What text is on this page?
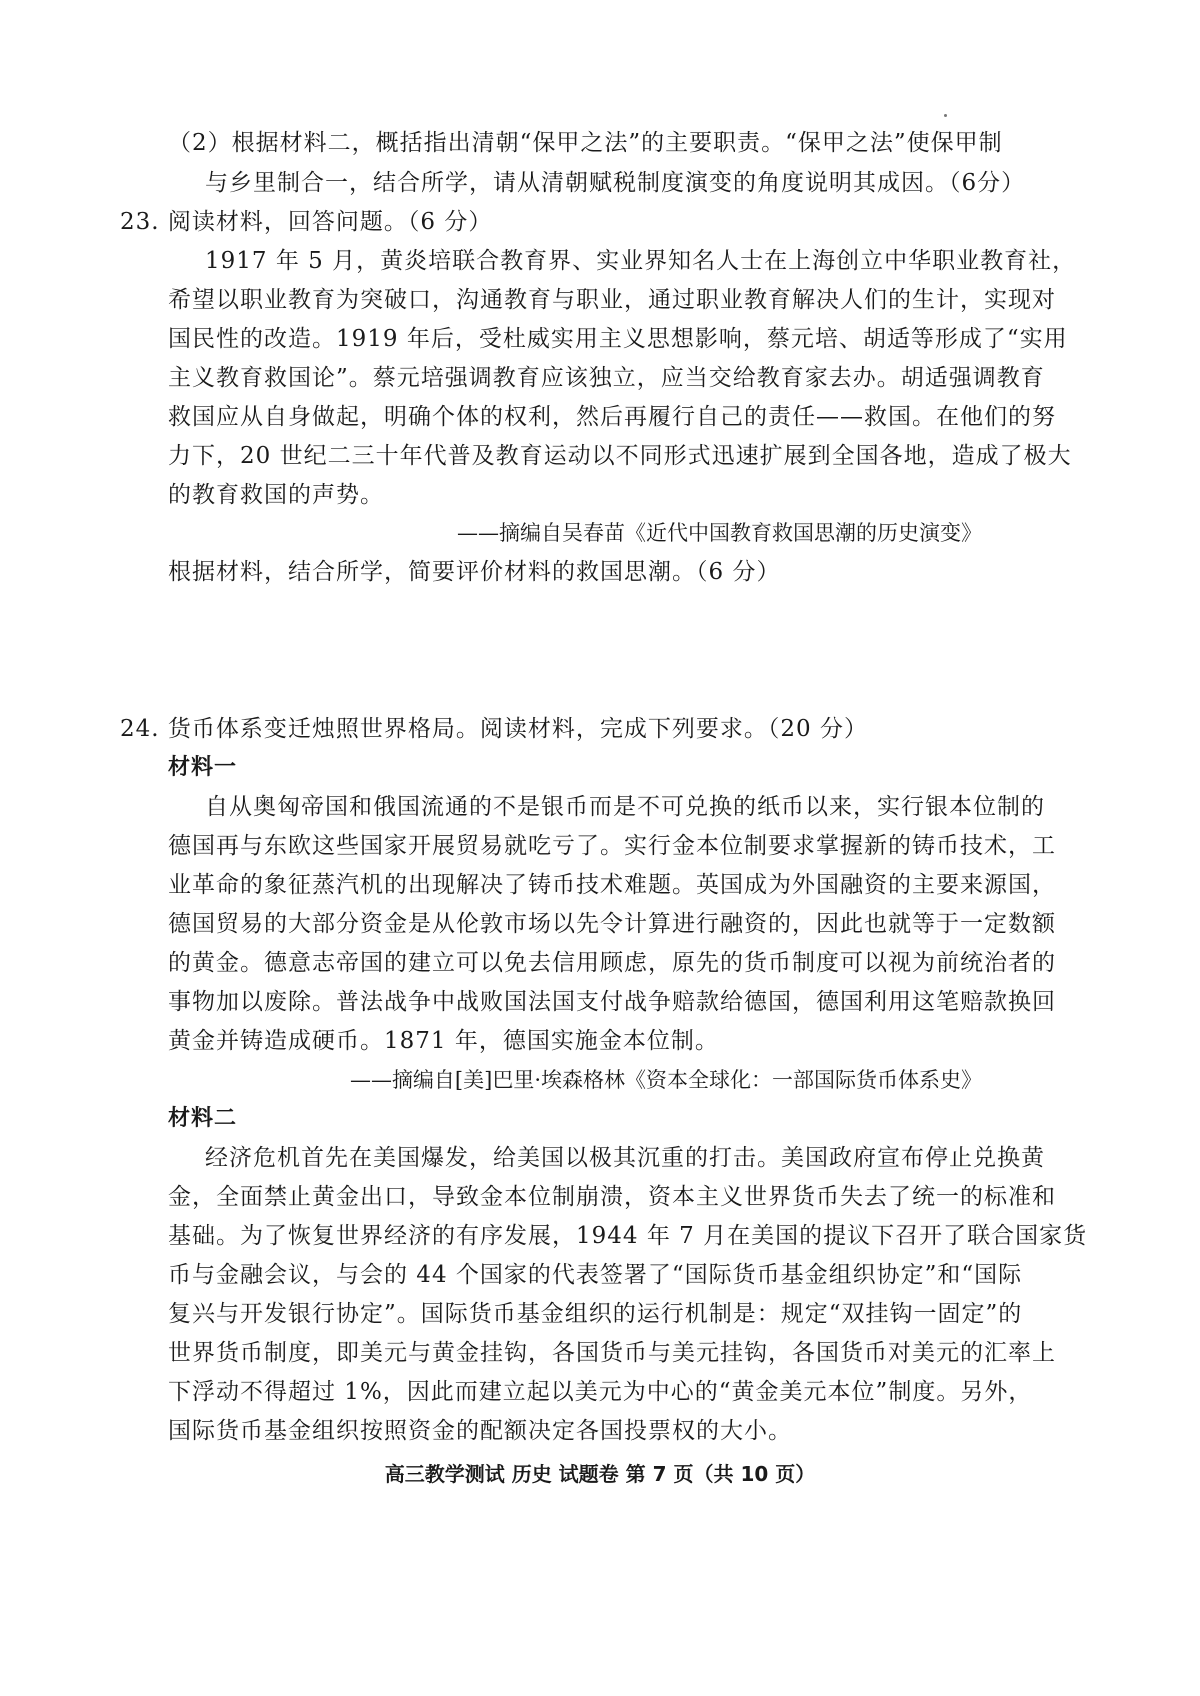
（2）根据材料二，概括指出清朝“保甲之法”的主要职责。“保甲之法”使保甲制
与乡里制合一，结合所学，请从清朝赋税制度演变的角度说明其成因。（6分）
23. 阅读材料，回答问题。（6 分）
1917 年 5 月，黄炎培联合教育界、实业界知名人士在上海创立中华职业教育社，
希望以职业教育为突破口，沟通教育与职业，通过职业教育解决人们的生计，实现对
国民性的改造。1919 年后，受杜威实用主义思想影响，蔡元培、胡适等形成了“实用
主义教育救国论”。蔡元培强调教育应该独立，应当交给教育家去办。胡适强调教育
救国应从自身做起，明确个体的权利，然后再履行自己的责任——救国。在他们的努
力下，20 世纪二三十年代普及教育运动以不同形式迅速扩展到全国各地，造成了极大
的教育救国的声势。
——摘编自吴春苗《近代中国教育救国思潮的历史演变》
根据材料，结合所学，简要评价材料的救国思潮。（6 分）
24. 货币体系变迁烛照世界格局。阅读材料，完成下列要求。（20 分）
材料一
自从奥匈帝国和俄国流通的不是银币而是不可兑换的纸币以来，实行银本位制的
德国再与东欧这些国家开展贸易就吃亏了。实行金本位制要求掌握新的铸币技术，工
业革命的象征蒸汽机的出现解决了铸币技术难题。英国成为外国融资的主要来源国，
德国贸易的大部分资金是从伦敦市场以先令计算进行融资的，因此也就等于一定数额
的黄金。德意志帝国的建立可以免去信用顾虑，原先的货币制度可以视为前统治者的
事物加以废除。普法战争中战败国法国支付战争赔款给德国，德国利用这笔赔款换回
黄金并铸造成硬币。1871 年，德国实施金本位制。
——摘编自[美]巴里·埃森格林《资本全球化：一部国际货币体系史》
材料二
经济危机首先在美国爆发，给美国以极其沉重的打击。美国政府宣布停止兑换黄
金，全面禁止黄金出口，导致金本位制崩溃，资本主义世界货币失去了统一的标准和
基础。为了恢复世界经济的有序发展，1944 年 7 月在美国的提议下召开了联合国家货
币与金融会议，与会的 44 个国家的代表签署了“国际货币基金组织协定”和“国际
复兴与开发银行协定”。国际货币基金组织的运行机制是：规定“双挂钩一固定”的
世界货币制度，即美元与黄金挂钩，各国货币与美元挂钩，各国货币对美元的汇率上
下浮动不得超过 1%，因此而建立起以美元为中心的“黄金美元本位”制度。另外，
国际货币基金组织按照资金的配额决定各国投票权的大小。
高三教学测试 历史 试题卷 第 7 页（共 10 页）
